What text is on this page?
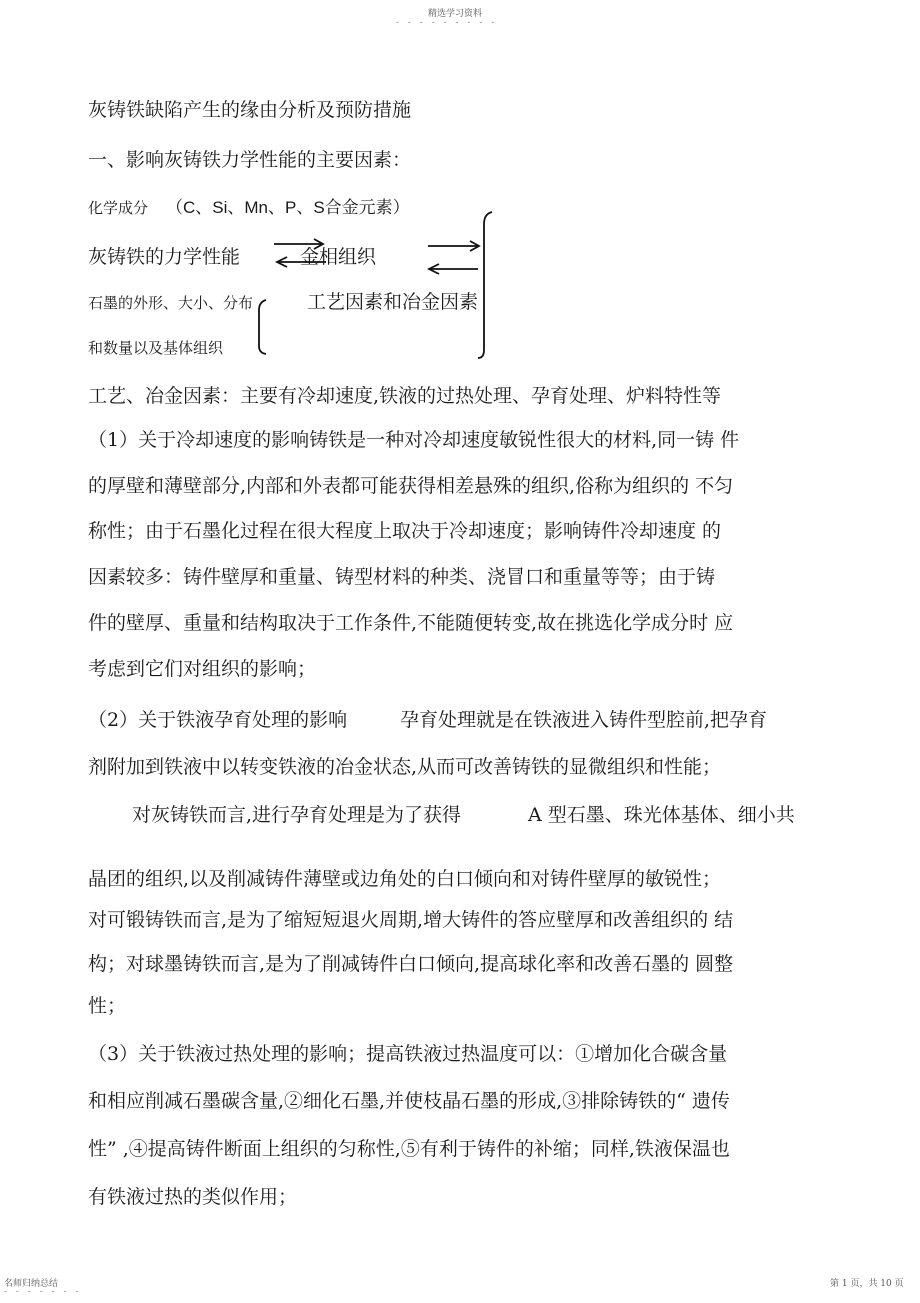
精选学习资料
- - - - - - - - -
灰铸铁缺陷产生的缘由分析及预防措施
一、影响灰铸铁力学性能的主要因素：
化学成分 （C、Si、Mn、P、S合金元素）
灰铸铁的力学性能	金相组织
石墨的外形、大小、分布	工艺因素和冶金因素
和数量以及基体组织
工艺、冶金因素：主要有冷却速度,铁液的过热处理、孕育处理、炉料特性等
（1）关于冷却速度的影响铸铁是一种对冷却速度敏锐性很大的材料,同一铸 件
的厚壁和薄壁部分,内部和外表都可能获得相差悬殊的组织,俗称为组织的 不匀
称性；由于石墨化过程在很大程度上取决于冷却速度；影响铸件冷却速度 的
因素较多：铸件壁厚和重量、铸型材料的种类、浇冒口和重量等等；由于铸
件的壁厚、重量和结构取决于工作条件,不能随便转变,故在挑选化学成分时 应
考虑到它们对组织的影响；
（2）关于铁液孕育处理的影响	孕育处理就是在铁液进入铸件型腔前,把孕育
剂附加到铁液中以转变铁液的冶金状态,从而可改善铸铁的显微组织和性能；
对灰铸铁而言,进行孕育处理是为了获得	A 型石墨、珠光体基体、细小共
晶团的组织,以及削减铸件薄壁或边角处的白口倾向和对铸件壁厚的敏锐性；
对可锻铸铁而言,是为了缩短短退火周期,增大铸件的答应壁厚和改善组织的 结
构；对球墨铸铁而言,是为了削减铸件白口倾向,提高球化率和改善石墨的 圆整
性；
（3）关于铁液过热处理的影响；提高铁液过热温度可以：①增加化合碳含量
和相应削减石墨碳含量,②细化石墨,并使枝晶石墨的形成,③排除铸铁的“ 遗传
性” ,④提高铸件断面上组织的匀称性,⑤有利于铸件的补缩；同样,铁液保温也
有铁液过热的类似作用；
名师归纳总结
- - - - - - -
第 1 页，共 10 页
